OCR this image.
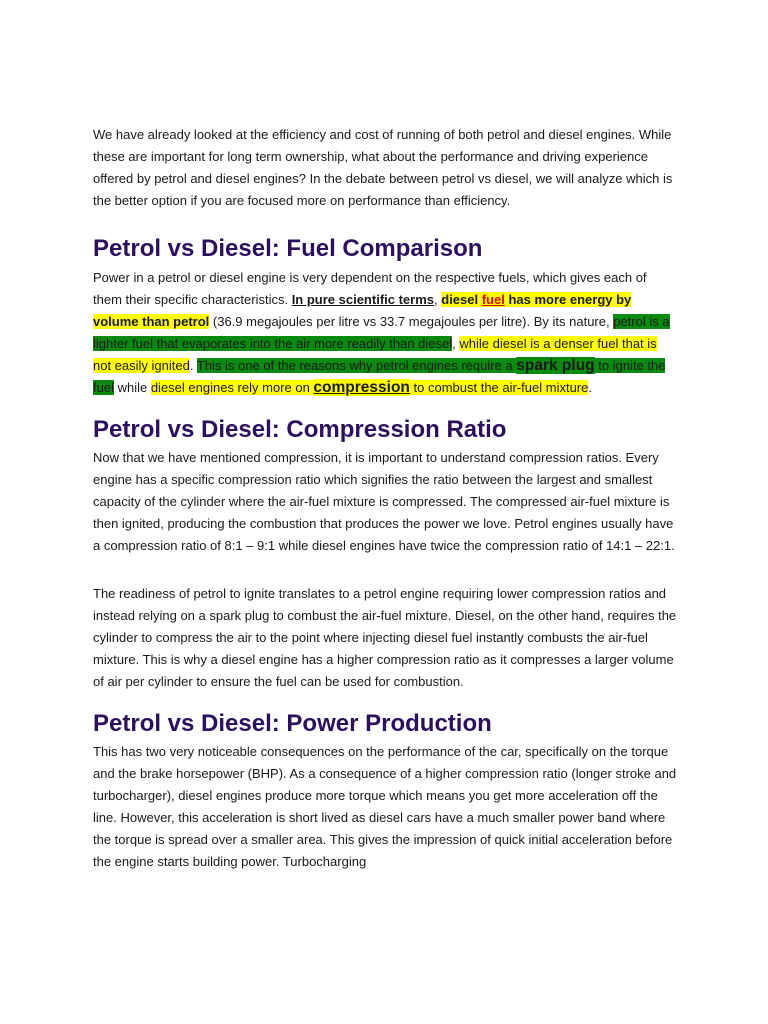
We have already looked at the efficiency and cost of running of both petrol and diesel engines. While these are important for long term ownership, what about the performance and driving experience offered by petrol and diesel engines? In the debate between petrol vs diesel, we will analyze which is the better option if you are focused more on performance than efficiency.

Petrol vs Diesel: Fuel Comparison

Power in a petrol or diesel engine is very dependent on the respective fuels, which gives each of them their specific characteristics. In pure scientific terms, diesel fuel has more energy by volume than petrol (36.9 megajoules per litre vs 33.7 megajoules per litre). By its nature, petrol is a lighter fuel that evaporates into the air more readily than diesel, while diesel is a denser fuel that is not easily ignited. This is one of the reasons why petrol engines require a spark plug to ignite the fuel while diesel engines rely more on compression to combust the air-fuel mixture.

Petrol vs Diesel: Compression Ratio

Now that we have mentioned compression, it is important to understand compression ratios. Every engine has a specific compression ratio which signifies the ratio between the largest and smallest capacity of the cylinder where the air-fuel mixture is compressed. The compressed air-fuel mixture is then ignited, producing the combustion that produces the power we love. Petrol engines usually have a compression ratio of 8:1 – 9:1 while diesel engines have twice the compression ratio of 14:1 – 22:1.

The readiness of petrol to ignite translates to a petrol engine requiring lower compression ratios and instead relying on a spark plug to combust the air-fuel mixture. Diesel, on the other hand, requires the cylinder to compress the air to the point where injecting diesel fuel instantly combusts the air-fuel mixture. This is why a diesel engine has a higher compression ratio as it compresses a larger volume of air per cylinder to ensure the fuel can be used for combustion.

Petrol vs Diesel: Power Production

This has two very noticeable consequences on the performance of the car, specifically on the torque and the brake horsepower (BHP). As a consequence of a higher compression ratio (longer stroke and turbocharger), diesel engines produce more torque which means you get more acceleration off the line. However, this acceleration is short lived as diesel cars have a much smaller power band where the torque is spread over a smaller area. This gives the impression of quick initial acceleration before the engine starts building power. Turbocharging
